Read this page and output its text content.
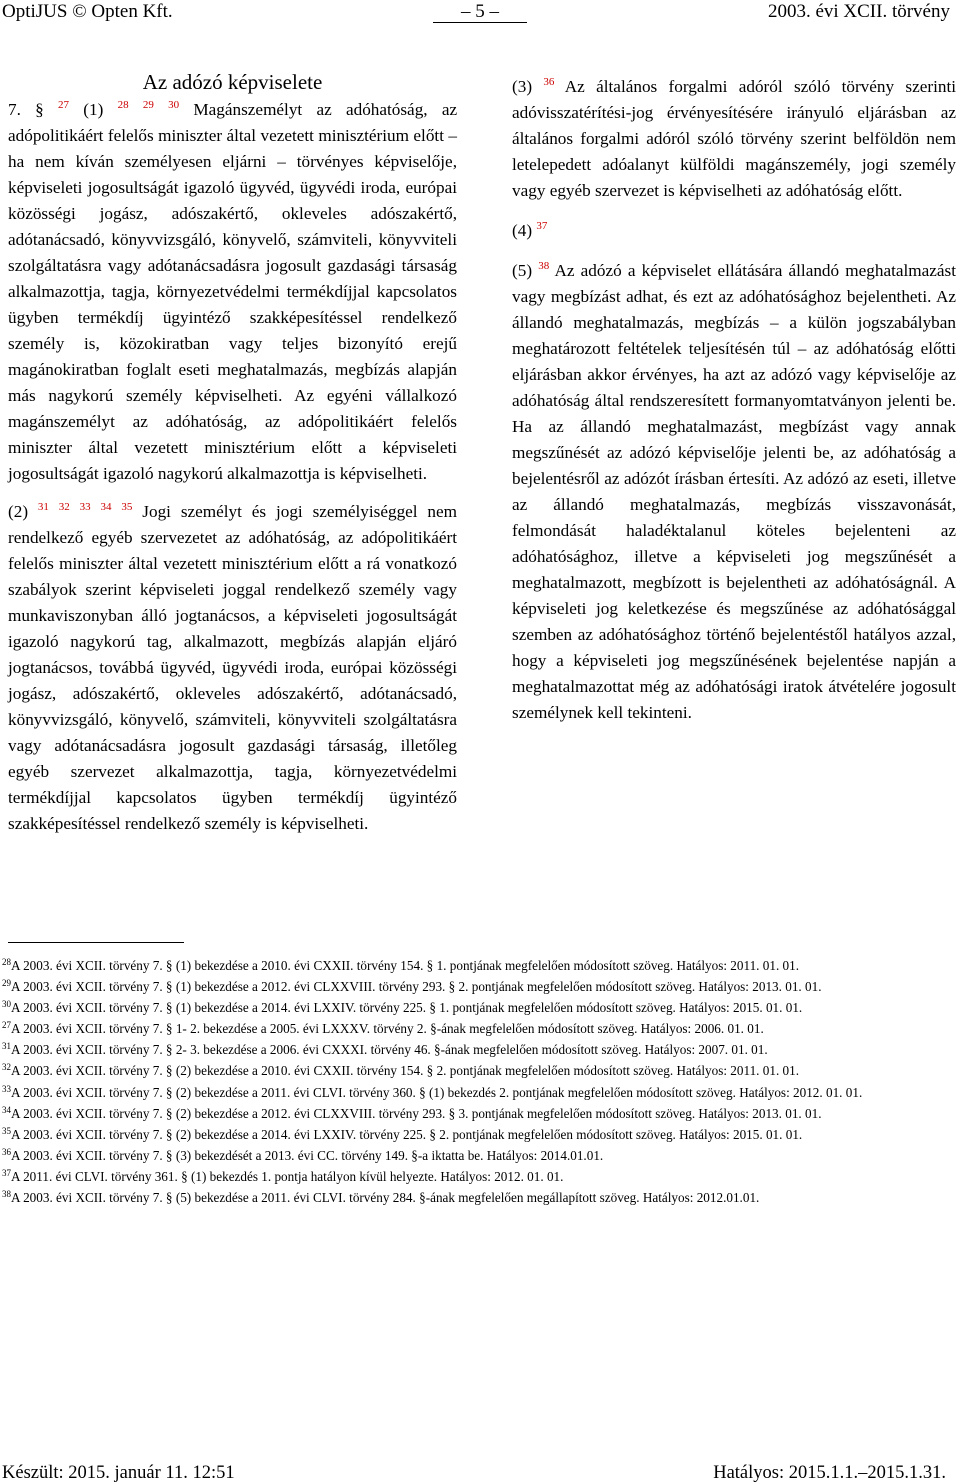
OptiJUS © Opten Kft.	– 5 –	2003. évi XCII. törvény
Az adózó képviselete

7. § $^{27}$ (1) $^{28}$ $^{29}$ $^{30}$ Magánszemélyt az adóhatóság, az adópolitikáért felelős miniszter által vezetett minisztérium előtt – ha nem kíván személyesen eljárni – törvényes képviselője, képviseleti jogosultságát igazoló ügyvéd, ügyvédi iroda, európai közösségi jogász, adószakértő, okleveles adószakértő, adótanácsadó, könyvvizsgáló, könyvelő, számviteli, könyvviteli szolgáltatásra vagy adótanácsadásra jogosult gazdasági társaság alkalmazottja, tagja, környezetvédelmi termékdíjjal kapcsolatos ügyben termékdíj ügyintéző szakképesítéssel rendelkező személy is, közokiratban vagy teljes bizonyító erejű magánokiratban foglalt eseti meghatalmazás, megbízás alapján más nagykorú személy képviselheti. Az egyéni vállalkozó magánszemélyt az adóhatóság, az adópolitikáért felelős miniszter által vezetett minisztérium előtt a képviseleti jogosultságát igazoló nagykorú alkalmazottja is képviselheti.

(2) $^{31}$ $^{32}$ $^{33}$ $^{34}$ $^{35}$ Jogi személyt és jogi személyiséggel nem rendelkező egyéb szervezetet az adóhatóság, az adópolitikáért felelős miniszter által vezetett minisztérium előtt a rá vonatkozó szabályok szerint képviseleti joggal rendelkező személy vagy munkaviszonyban álló jogtanácsos, a képviseleti jogosultságát igazoló nagykorú tag, alkalmazott, megbízás alapján eljáró jogtanácsos, továbbá ügyvéd, ügyvédi iroda, európai közösségi jogász, adószakértő, okleveles adószakértő, adótanácsadó, könyvvizsgáló, könyvelő, számviteli, könyvviteli szolgáltatásra vagy adótanácsadásra jogosult gazdasági társaság, illetőleg egyéb szervezet alkalmazottja, tagja, környezetvédelmi termékdíjjal kapcsolatos ügyben termékdíj ügyintéző szakképesítéssel rendelkező személy is képviselheti.

(3) $^{36}$ Az általános forgalmi adóról szóló törvény szerinti adóvisszatérítési-jog érvényesítésére irányuló eljárásban az általános forgalmi adóról szóló törvény szerint belföldön nem letelepedett adóalanyt külföldi magánszemély, jogi személy vagy egyéb szervezet is képviselheti az adóhatóság előtt.

(4) $^{37}$

(5) $^{38}$ Az adózó a képviselet ellátására állandó meghatalmazást vagy megbízást adhat, és ezt az adóhatósághoz bejelentheti. Az állandó meghatalmazás, megbízás – a külön jogszabályban meghatározott feltételek teljesítésén túl – az adóhatóság előtti eljárásban akkor érvényes, ha azt az adózó vagy képviselője az adóhatóság által rendszeresített formanyomtatványon jelenti be. Ha az állandó meghatalmazást, megbízást vagy annak megszűnését az adózó képviselője jelenti be, az adóhatóság a bejelentésről az adózót írásban értesíti. Az adózó az eseti, illetve az állandó meghatalmazás, megbízás visszavonását, felmondását haladéktalanul köteles bejelenteni az adóhatósághoz, illetve a képviseleti jog megszűnését a meghatalmazott, megbízott is bejelentheti az adóhatóságnál. A képviseleti jog keletkezése és megszűnése az adóhatósággal szemben az adóhatósághoz történő bejelentéstől hatályos azzal, hogy a képviseleti jog megszűnésének bejelentése napján a meghatalmazottat még az adóhatósági iratok átvételére jogosult személynek kell tekinteni.

$^{28}$A 2003. évi XCII. törvény 7. § (1) bekezdése a 2010. évi CXXII. törvény 154. § 1. pontjának megfelelően módosított szöveg. Hatályos: 2011. 01. 01.

$^{29}$A 2003. évi XCII. törvény 7. § (1) bekezdése a 2012. évi CLXXVIII. törvény 293. § 2. pontjának megfelelően módosított szöveg. Hatályos: 2013. 01. 01.

$^{30}$A 2003. évi XCII. törvény 7. § (1) bekezdése a 2014. évi LXXIV. törvény 225. § 1. pontjának megfelelően módosított szöveg. Hatályos: 2015. 01. 01.

$^{27}$A 2003. évi XCII. törvény 7. § 1- 2. bekezdése a 2005. évi LXXXV. törvény 2. §-ának megfelelően módosított szöveg. Hatályos: 2006. 01. 01.

$^{31}$A 2003. évi XCII. törvény 7. § 2- 3. bekezdése a 2006. évi CXXXI. törvény 46. §-ának megfelelően módosított szöveg. Hatályos: 2007. 01. 01.

$^{32}$A 2003. évi XCII. törvény 7. § (2) bekezdése a 2010. évi CXXII. törvény 154. § 2. pontjának megfelelően módosított szöveg. Hatályos: 2011. 01. 01.

$^{33}$A 2003. évi XCII. törvény 7. § (2) bekezdése a 2011. évi CLVI. törvény 360. § (1) bekezdés 2. pontjának megfelelően módosított szöveg. Hatályos: 2012. 01. 01.

$^{34}$A 2003. évi XCII. törvény 7. § (2) bekezdése a 2012. évi CLXXVIII. törvény 293. § 3. pontjának megfelelően módosított szöveg. Hatályos: 2013. 01. 01.

$^{35}$A 2003. évi XCII. törvény 7. § (2) bekezdése a 2014. évi LXXIV. törvény 225. § 2. pontjának megfelelően módosított szöveg. Hatályos: 2015. 01. 01.

$^{36}$A 2003. évi XCII. törvény 7. § (3) bekezdését a 2013. évi CC. törvény 149. §-a iktatta be. Hatályos: 2014.01.01.

$^{37}$A 2011. évi CLVI. törvény 361. § (1) bekezdés 1. pontja hatályon kívül helyezte. Hatályos: 2012. 01. 01.

$^{38}$A 2003. évi XCII. törvény 7. § (5) bekezdése a 2011. évi CLVI. törvény 284. §-ának megfelelően megállapított szöveg. Hatályos: 2012.01.01.

Készült: 2015. január 11. 12:51	Hatályos: 2015.1.1.–2015.1.31.
